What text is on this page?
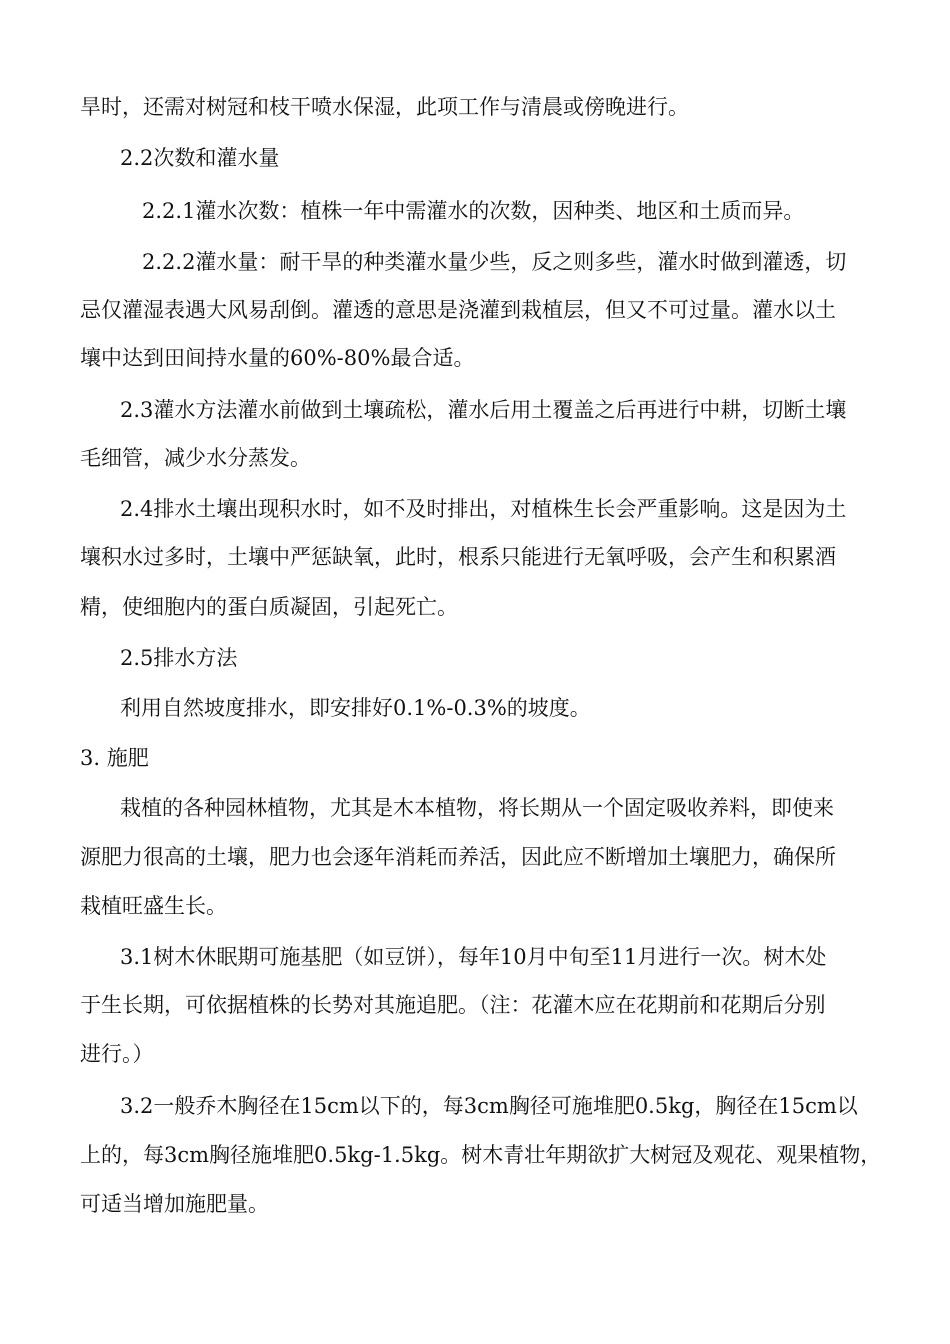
旱时，还需对树冠和枝干喷水保湿，此项工作与清晨或傍晚进行。
2.2次数和灌水量
2.2.1灌水次数：植株一年中需灌水的次数，因种类、地区和土质而异。
2.2.2灌水量：耐干旱的种类灌水量少些，反之则多些，灌水时做到灌透，切
忌仅灌湿表遇大风易刮倒。灌透的意思是浇灌到栽植层，但又不可过量。灌水以土
壤中达到田间持水量的60%-80%最合适。
2.3灌水方法灌水前做到土壤疏松，灌水后用土覆盖之后再进行中耕，切断土壤
毛细管，减少水分蒸发。
2.4排水土壤出现积水时，如不及时排出，对植株生长会严重影响。这是因为土
壤积水过多时，土壤中严惩缺氧，此时，根系只能进行无氧呼吸，会产生和积累酒
精，使细胞内的蛋白质凝固，引起死亡。
2.5排水方法
利用自然坡度排水，即安排好0.1%-0.3%的坡度。
3. 施肥
栽植的各种园林植物，尤其是木本植物，将长期从一个固定吸收养料，即使来
源肥力很高的土壤，肥力也会逐年消耗而养活，因此应不断增加土壤肥力，确保所
栽植旺盛生长。
3.1树木休眠期可施基肥（如豆饼），每年10月中旬至11月进行一次。树木处
于生长期，可依据植株的长势对其施追肥。（注：花灌木应在花期前和花期后分别
进行。）
3.2一般乔木胸径在15cm以下的，每3cm胸径可施堆肥0.5kg，胸径在15cm以
上的，每3cm胸径施堆肥0.5kg-1.5kg。树木青壮年期欲扩大树冠及观花、观果植物，
可适当增加施肥量。
